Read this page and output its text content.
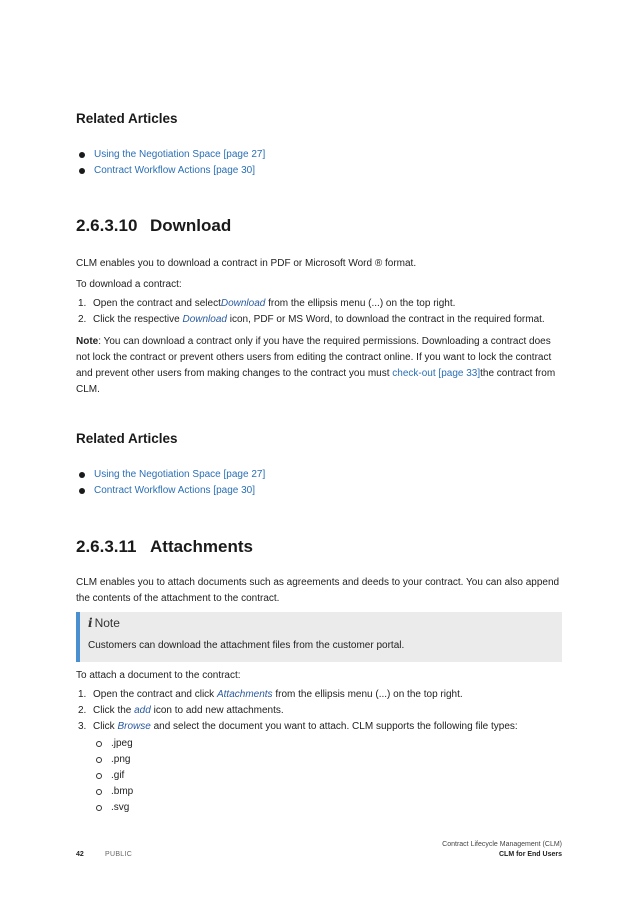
Related Articles
Using the Negotiation Space [page 27]
Contract Workflow Actions [page 30]
2.6.3.10 Download

CLM enables you to download a contract in PDF or Microsoft Word ® format.

To download a contract:

1. Open the contract and selectDownload from the ellipsis menu (...) on the top right.
2. Click the respective Download icon, PDF or MS Word, to download the contract in the required format.

Note: You can download a contract only if you have the required permissions. Downloading a contract does not lock the contract or prevent others users from editing the contract online. If you want to lock the contract and prevent other users from making changes to the contract you must check-out [page 33]the contract from CLM.

Related Articles
Using the Negotiation Space [page 27]
Contract Workflow Actions [page 30]
2.6.3.11 Attachments

CLM enables you to attach documents such as agreements and deeds to your contract. You can also append the contents of the attachment to the contract.

i Note
Customers can download the attachment files from the customer portal.

To attach a document to the contract:

1. Open the contract and click Attachments from the ellipsis menu (...) on the top right.
2. Click the add icon to add new attachments.
3. Click Browse and select the document you want to attach. CLM supports the following file types:
.jpeg
.png
.gif
.bmp
.svg
42	PUBLIC
Contract Lifecycle Management (CLM)
CLM for End Users
